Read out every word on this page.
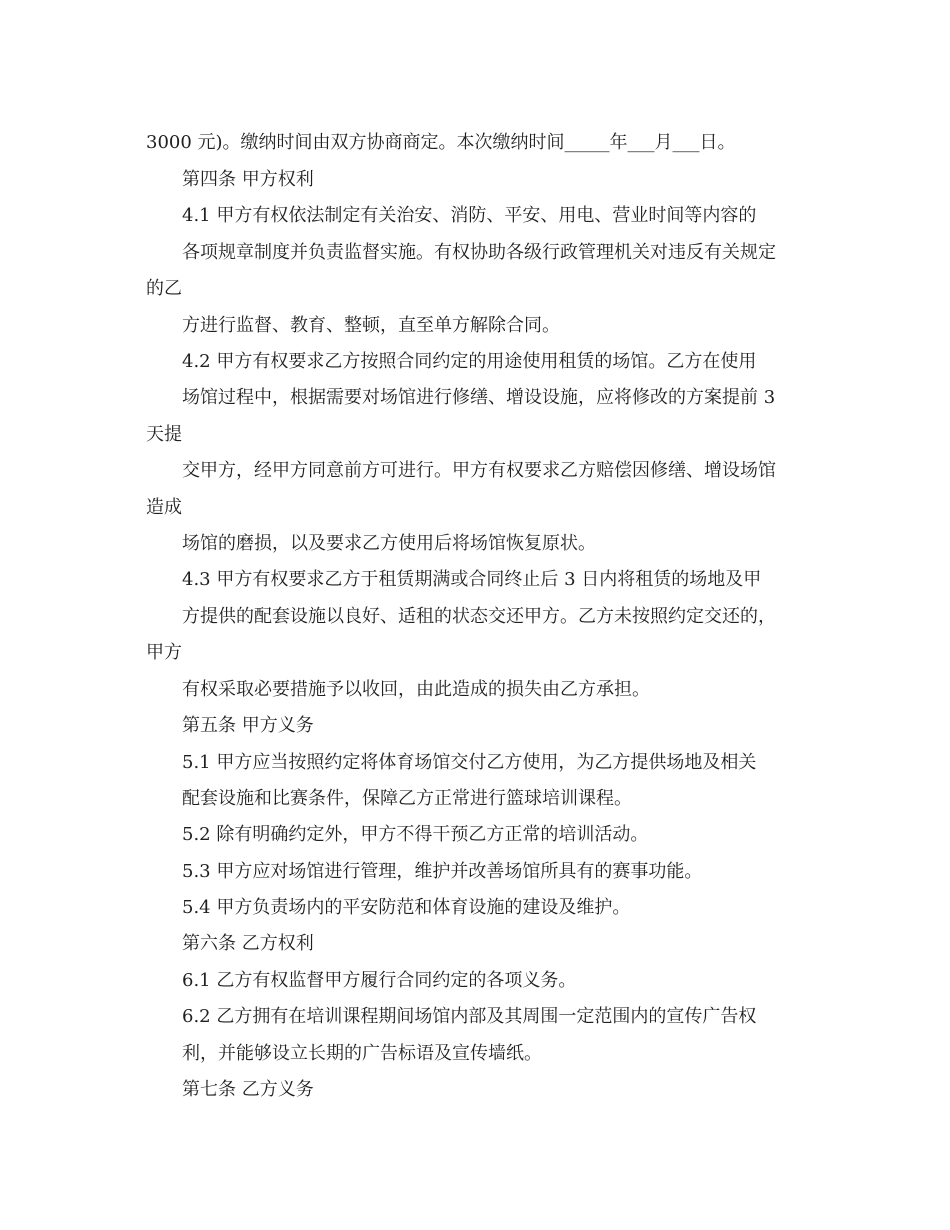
3000 元)。缴纳时间由双方协商商定。本次缴纳时间_____年___月___日。
第四条 甲方权利
4.1 甲方有权依法制定有关治安、消防、平安、用电、营业时间等内容的
各项规章制度并负责监督实施。有权协助各级行政管理机关对违反有关规定
的乙
方进行监督、教育、整顿，直至单方解除合同。
4.2 甲方有权要求乙方按照合同约定的用途使用租赁的场馆。乙方在使用
场馆过程中，根据需要对场馆进行修缮、增设设施，应将修改的方案提前 3
天提
交甲方，经甲方同意前方可进行。甲方有权要求乙方赔偿因修缮、增设场馆
造成
场馆的磨损，以及要求乙方使用后将场馆恢复原状。
4.3 甲方有权要求乙方于租赁期满或合同终止后 3 日内将租赁的场地及甲
方提供的配套设施以良好、适租的状态交还甲方。乙方未按照约定交还的，
甲方
有权采取必要措施予以收回，由此造成的损失由乙方承担。
第五条 甲方义务
5.1 甲方应当按照约定将体育场馆交付乙方使用，为乙方提供场地及相关
配套设施和比赛条件，保障乙方正常进行篮球培训课程。
5.2 除有明确约定外，甲方不得干预乙方正常的培训活动。
5.3 甲方应对场馆进行管理，维护并改善场馆所具有的赛事功能。
5.4 甲方负责场内的平安防范和体育设施的建设及维护。
第六条 乙方权利
6.1 乙方有权监督甲方履行合同约定的各项义务。
6.2 乙方拥有在培训课程期间场馆内部及其周围一定范围内的宣传广告权
利，并能够设立长期的广告标语及宣传墙纸。
第七条 乙方义务
